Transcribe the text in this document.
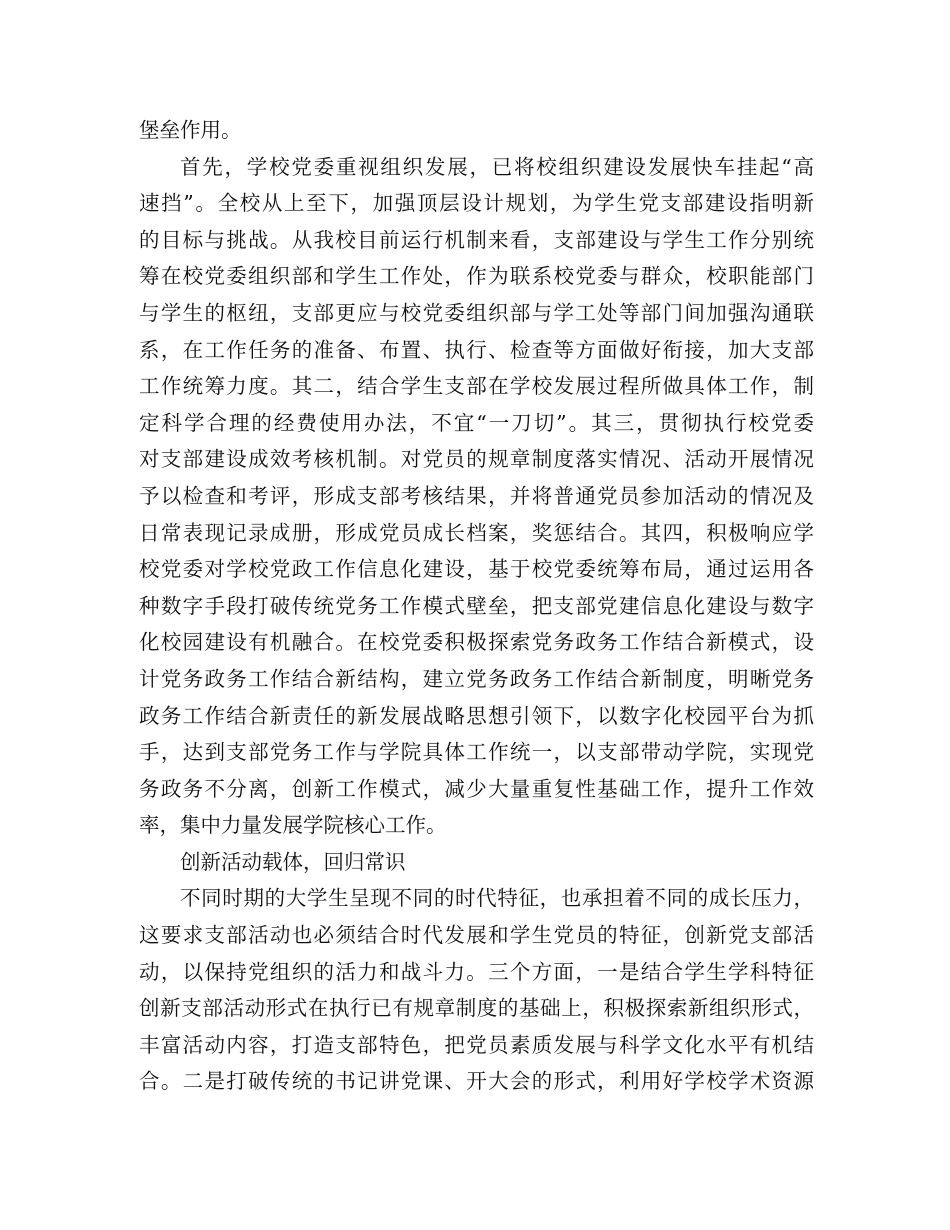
堡垒作用。
首先，学校党委重视组织发展，已将校组织建设发展快车挂起“高
速挡”。全校从上至下，加强顶层设计规划，为学生党支部建设指明新
的目标与挑战。从我校目前运行机制来看，支部建设与学生工作分别统
筹在校党委组织部和学生工作处，作为联系校党委与群众，校职能部门
与学生的枢纽，支部更应与校党委组织部与学工处等部门间加强沟通联
系，在工作任务的准备、布置、执行、检查等方面做好衔接，加大支部
工作统筹力度。其二，结合学生支部在学校发展过程所做具体工作，制
定科学合理的经费使用办法，不宜“一刀切”。其三，贯彻执行校党委
对支部建设成效考核机制。对党员的规章制度落实情况、活动开展情况
予以检查和考评，形成支部考核结果，并将普通党员参加活动的情况及
日常表现记录成册，形成党员成长档案，奖惩结合。其四，积极响应学
校党委对学校党政工作信息化建设，基于校党委统筹布局，通过运用各
种数字手段打破传统党务工作模式壁垒，把支部党建信息化建设与数字
化校园建设有机融合。在校党委积极探索党务政务工作结合新模式，设
计党务政务工作结合新结构，建立党务政务工作结合新制度，明晰党务
政务工作结合新责任的新发展战略思想引领下，以数字化校园平台为抓
手，达到支部党务工作与学院具体工作统一，以支部带动学院，实现党
务政务不分离，创新工作模式，减少大量重复性基础工作，提升工作效
率，集中力量发展学院核心工作。
创新活动载体，回归常识
不同时期的大学生呈现不同的时代特征，也承担着不同的成长压力，
这要求支部活动也必须结合时代发展和学生党员的特征，创新党支部活
动，以保持党组织的活力和战斗力。三个方面，一是结合学生学科特征
创新支部活动形式在执行已有规章制度的基础上，积极探索新组织形式，
丰富活动内容，打造支部特色，把党员素质发展与科学文化水平有机结
合。二是打破传统的书记讲党课、开大会的形式，利用好学校学术资源
